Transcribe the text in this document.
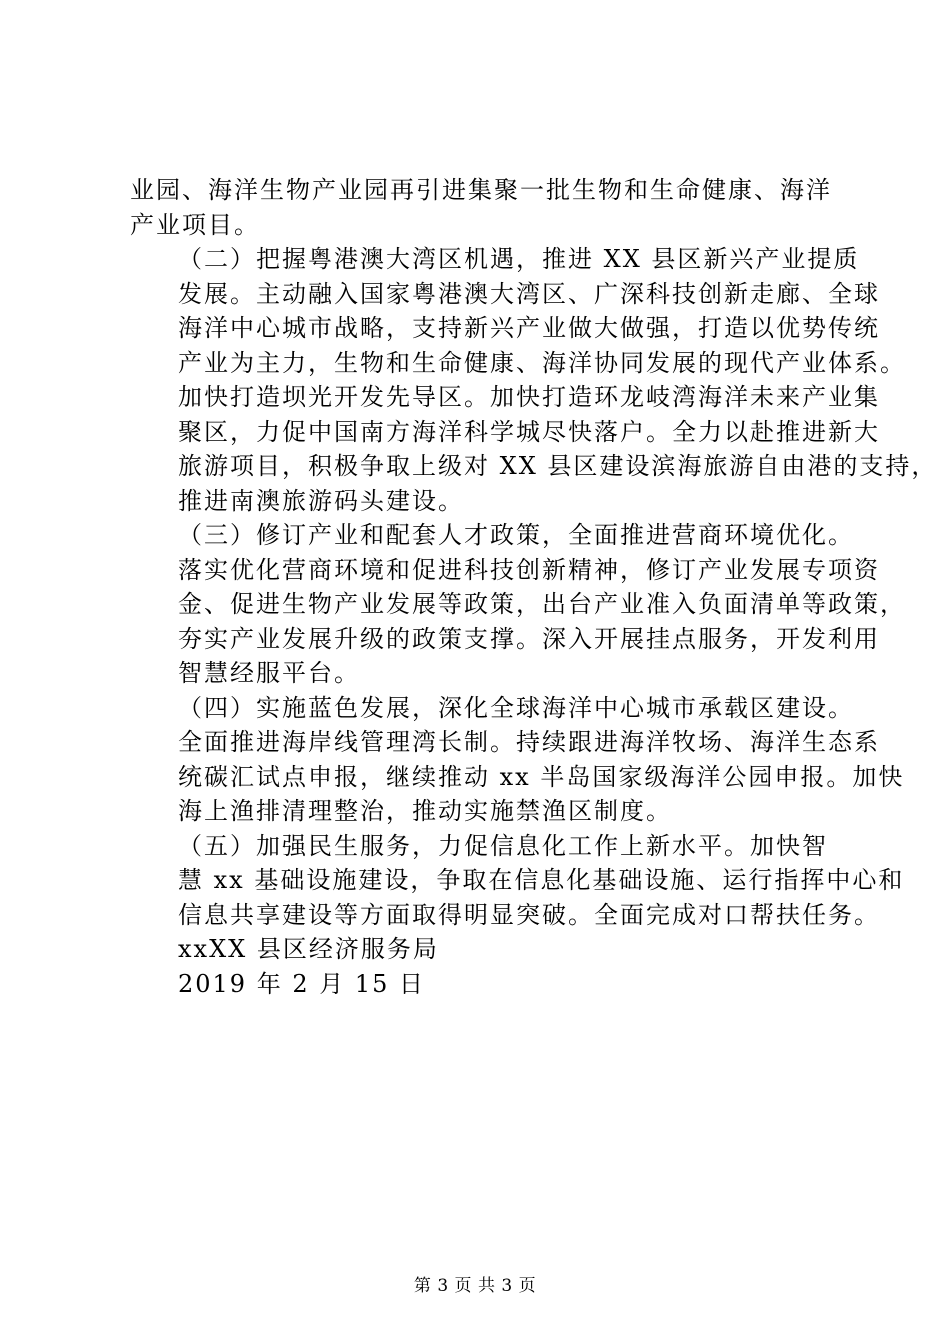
业园、海洋生物产业园再引进集聚一批生物和生命健康、海洋
产业项目。
（二）把握粤港澳大湾区机遇，推进 XX 县区新兴产业提质
发展。主动融入国家粤港澳大湾区、广深科技创新走廊、全球
海洋中心城市战略，支持新兴产业做大做强，打造以优势传统
产业为主力，生物和生命健康、海洋协同发展的现代产业体系。
加快打造坝光开发先导区。加快打造环龙岐湾海洋未来产业集
聚区，力促中国南方海洋科学城尽快落户。全力以赴推进新大
旅游项目，积极争取上级对 XX 县区建设滨海旅游自由港的支持，
推进南澳旅游码头建设。
（三）修订产业和配套人才政策，全面推进营商环境优化。
落实优化营商环境和促进科技创新精神，修订产业发展专项资
金、促进生物产业发展等政策，出台产业准入负面清单等政策，
夯实产业发展升级的政策支撑。深入开展挂点服务，开发利用
智慧经服平台。
（四）实施蓝色发展，深化全球海洋中心城市承载区建设。
全面推进海岸线管理湾长制。持续跟进海洋牧场、海洋生态系
统碳汇试点申报，继续推动 xx 半岛国家级海洋公园申报。加快
海上渔排清理整治，推动实施禁渔区制度。
（五）加强民生服务，力促信息化工作上新水平。加快智
慧 xx 基础设施建设，争取在信息化基础设施、运行指挥中心和
信息共享建设等方面取得明显突破。全面完成对口帮扶任务。
xxXX 县区经济服务局
2019 年 2 月 15 日
第 3 页 共 3 页
